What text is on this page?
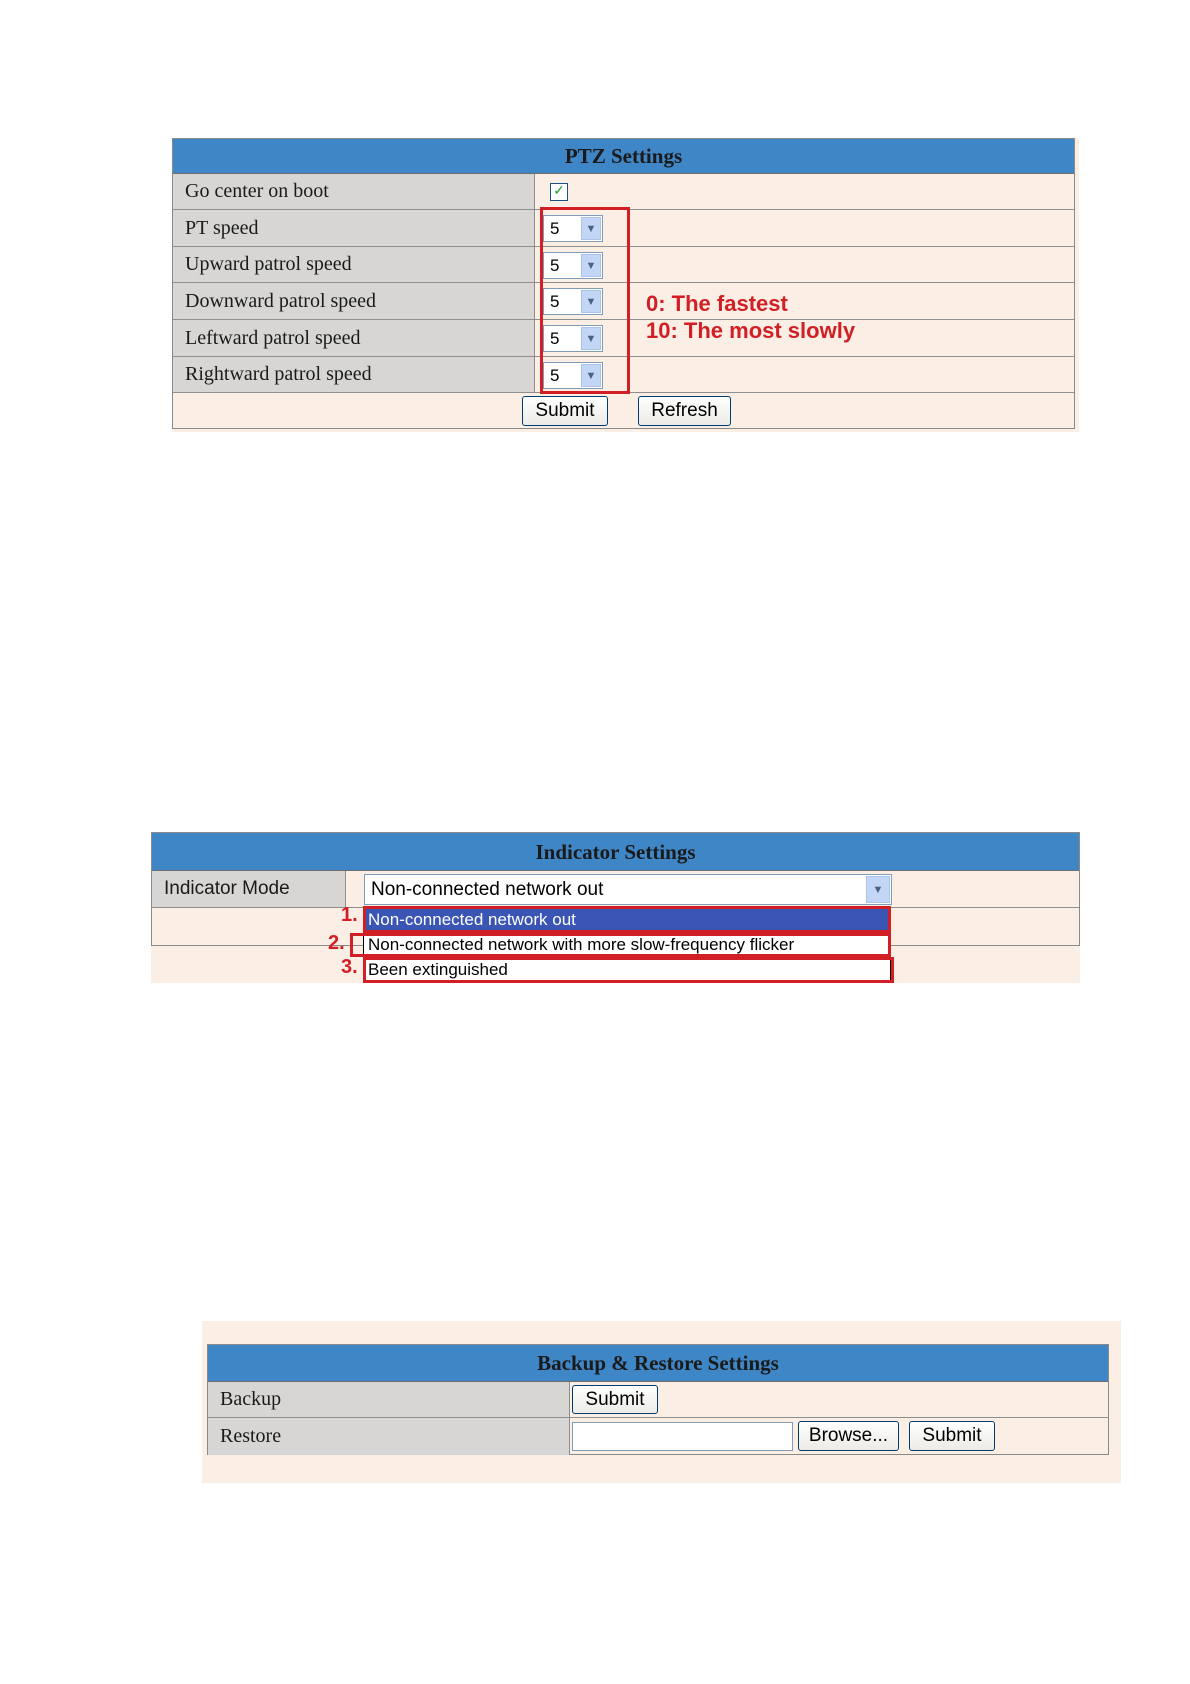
PTZ Settings
Go center on boot	✓
PT speed	5	▼
Upward patrol speed	5	▼
Downward patrol speed	5	▼
Leftward patrol speed	5	▼
Rightward patrol speed	5	▼
Submit	Refresh
0: The fastest
10: The most slowly
Indicator Settings
Indicator Mode	Non-connected network out	▼
Non-connected network out
Non-connected network with more slow-frequency flicker
Been extinguished
1.
2.
3.
Backup & Restore Settings
Backup	Submit
Restore	Browse...	Submit
